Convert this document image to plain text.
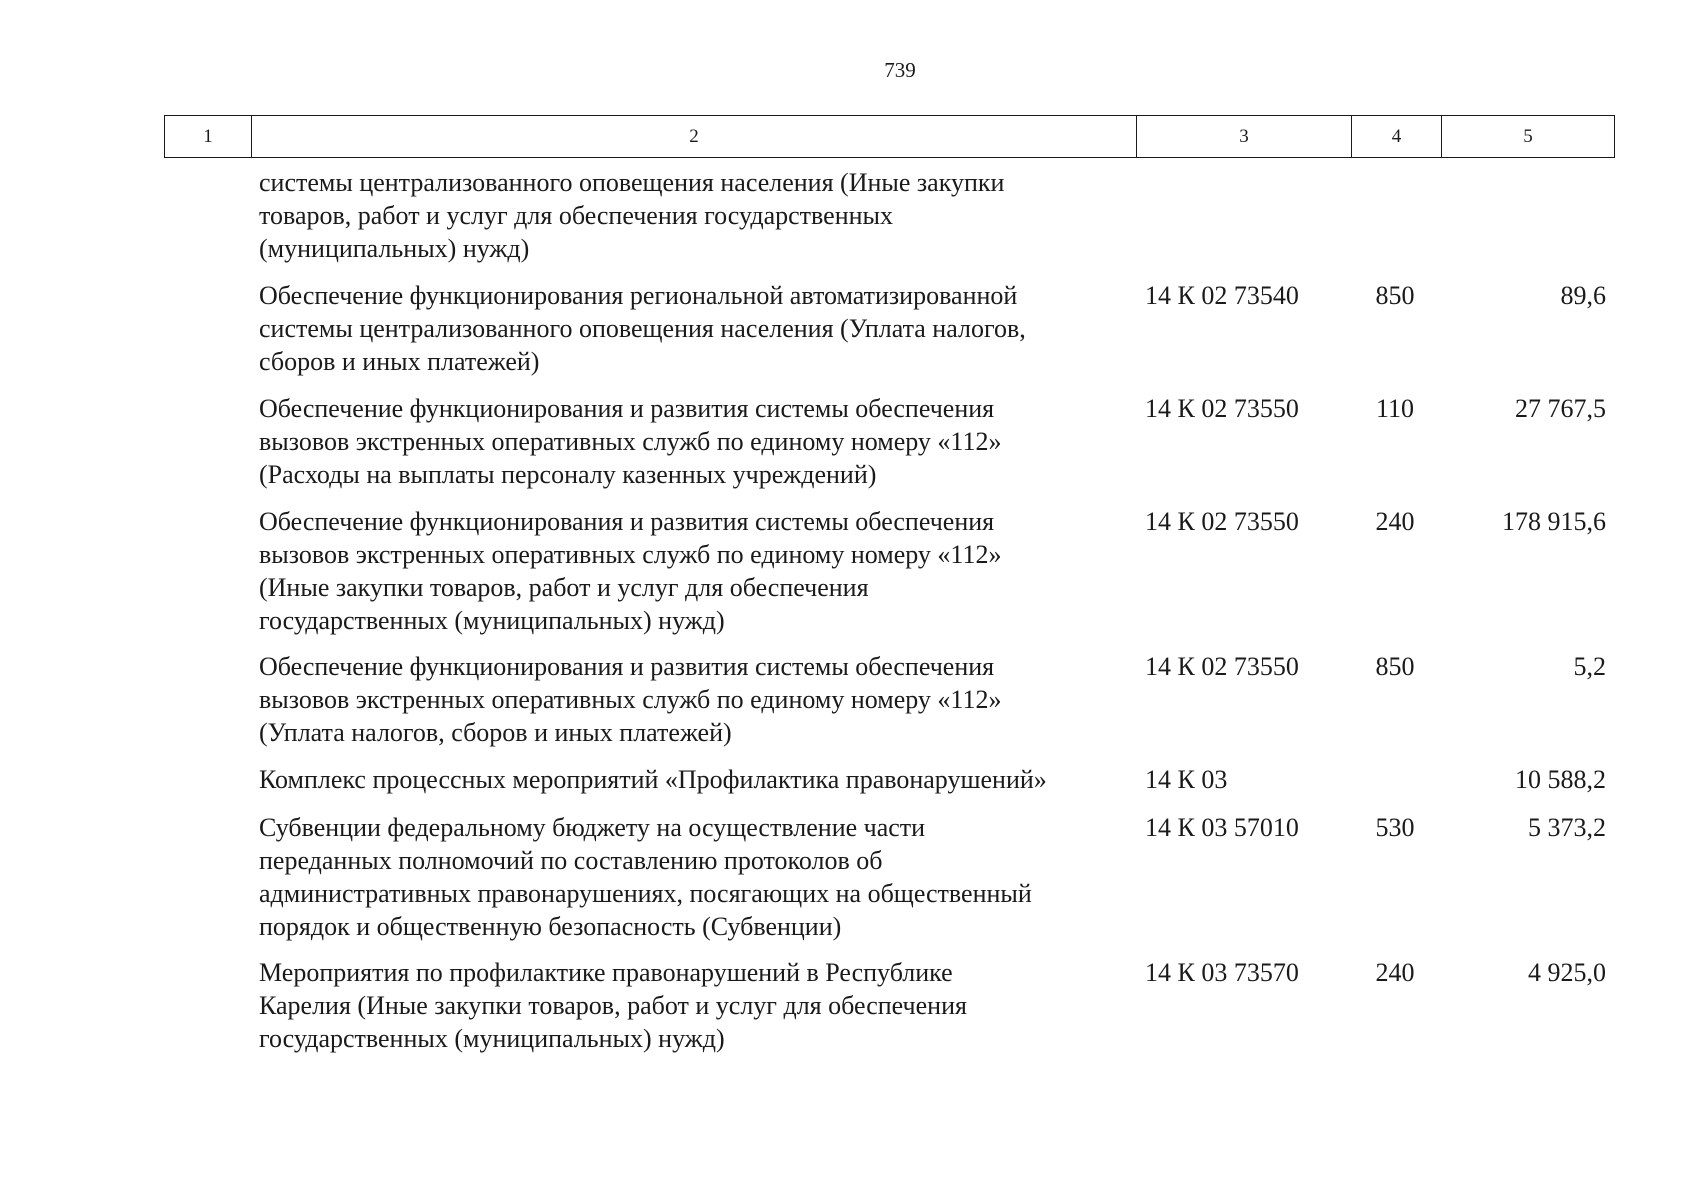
739
1	2	3	4	5
системы централизованного оповещения населения (Иные закупки
товаров, работ и услуг для обеспечения государственных
(муниципальных) нужд)
Обеспечение функционирования региональной автоматизированной
системы централизованного оповещения населения (Уплата налогов,
сборов и иных платежей)
14 К 02 73540	850	89,6
Обеспечение функционирования и развития системы обеспечения
вызовов экстренных оперативных служб по единому номеру «112»
(Расходы на выплаты персоналу казенных учреждений)
14 К 02 73550	110	27 767,5
Обеспечение функционирования и развития системы обеспечения
вызовов экстренных оперативных служб по единому номеру «112»
(Иные закупки товаров, работ и услуг для обеспечения
государственных (муниципальных) нужд)
14 К 02 73550	240	178 915,6
Обеспечение функционирования и развития системы обеспечения
вызовов экстренных оперативных служб по единому номеру «112»
(Уплата налогов, сборов и иных платежей)
14 К 02 73550	850	5,2
Комплекс процессных мероприятий «Профилактика правонарушений»	14 К 03	10 588,2
Субвенции федеральному бюджету на осуществление части
переданных полномочий по составлению протоколов об
административных правонарушениях, посягающих на общественный
порядок и общественную безопасность (Субвенции)
14 К 03 57010	530	5 373,2
Мероприятия по профилактике правонарушений в Республике
Карелия (Иные закупки товаров, работ и услуг для обеспечения
государственных (муниципальных) нужд)
14 К 03 73570	240	4 925,0
